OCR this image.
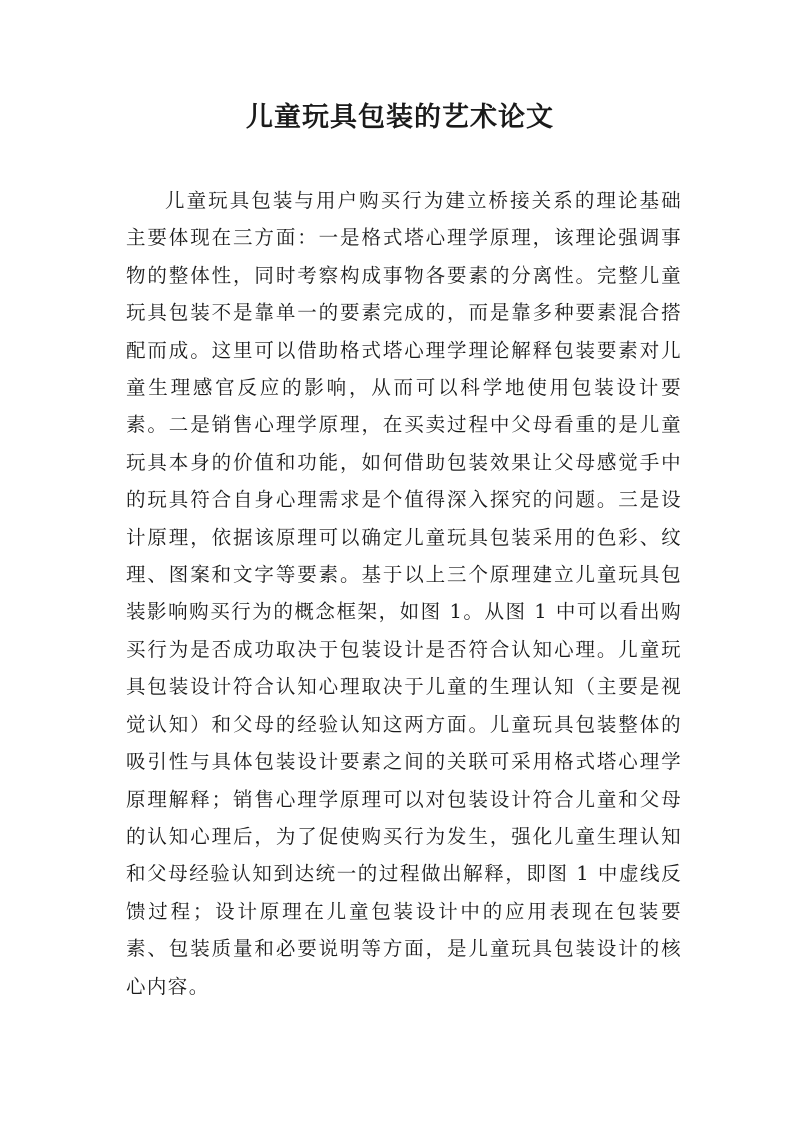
儿童玩具包装的艺术论文

儿童玩具包装与用户购买行为建立桥接关系的理论基础主要体现在三方面：一是格式塔心理学原理，该理论强调事物的整体性，同时考察构成事物各要素的分离性。完整儿童玩具包装不是靠单一的要素完成的，而是靠多种要素混合搭配而成。这里可以借助格式塔心理学理论解释包装要素对儿童生理感官反应的影响，从而可以科学地使用包装设计要素。二是销售心理学原理，在买卖过程中父母看重的是儿童玩具本身的价值和功能，如何借助包装效果让父母感觉手中的玩具符合自身心理需求是个值得深入探究的问题。三是设计原理，依据该原理可以确定儿童玩具包装采用的色彩、纹理、图案和文字等要素。基于以上三个原理建立儿童玩具包装影响购买行为的概念框架，如图 1。从图 1 中可以看出购买行为是否成功取决于包装设计是否符合认知心理。儿童玩具包装设计符合认知心理取决于儿童的生理认知（主要是视觉认知）和父母的经验认知这两方面。儿童玩具包装整体的吸引性与具体包装设计要素之间的关联可采用格式塔心理学原理解释；销售心理学原理可以对包装设计符合儿童和父母的认知心理后，为了促使购买行为发生，强化儿童生理认知和父母经验认知到达统一的过程做出解释，即图 1 中虚线反馈过程；设计原理在儿童包装设计中的应用表现在包装要素、包装质量和必要说明等方面，是儿童玩具包装设计的核心内容。
